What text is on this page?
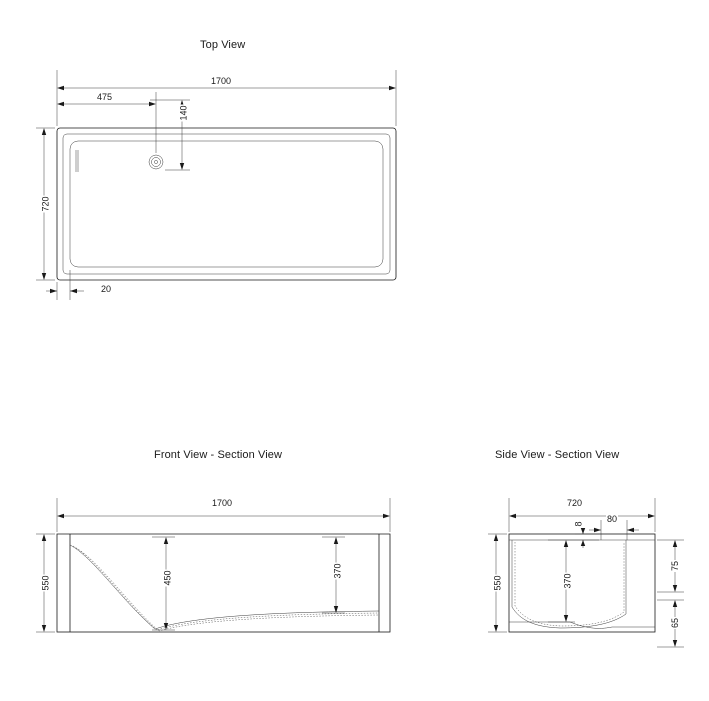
Top View
Front View - Section View	Side View - Section View
1700
475
140
720
20
1700
550	450	370
720
80
8
550	370
75
65
